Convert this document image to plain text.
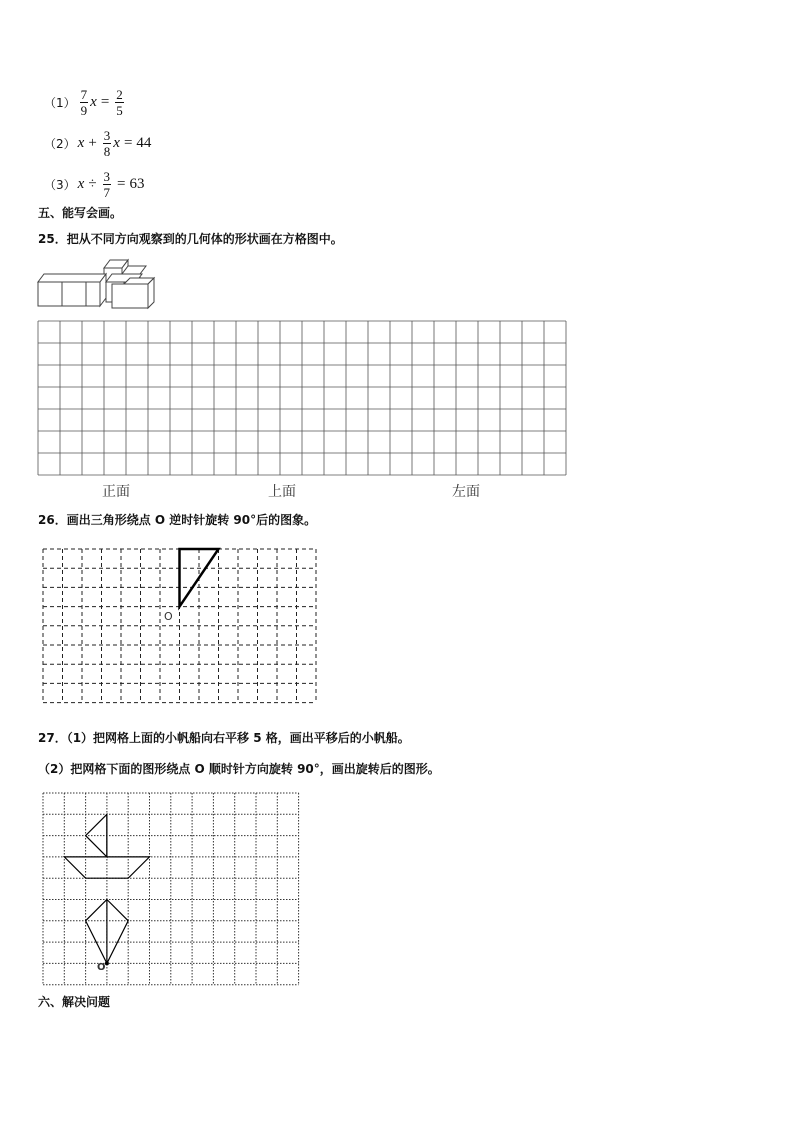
$(1) \frac{7}{9}$ $x = \frac{2}{5}$
（2） $x + \frac{3}{8}$ x = 44
（3） $x \div \frac{3}{7} = 63$
五、能写会画。
25．把从不同方向观察到的几何体的形状画在方格图中。
正面	上面	左面
26．画出三角形绕点 O 逆时针旋转 90°后的图象。
O
27．（1）把网格上面的小帆船向右平移 5 格，画出平移后的小帆船。
（2）把网格下面的图形绕点 O 顺时针方向旋转 90°，画出旋转后的图形。
O
六、解决问题
